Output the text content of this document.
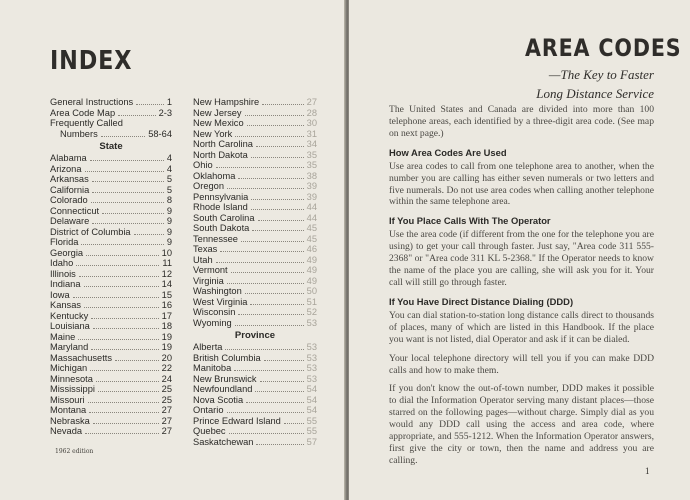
INDEX
General Instructions	1
Area Code Map	2-3
Frequently Called
Numbers	58-64
State
Alabama	4
Arizona	4
Arkansas	5
California	5
Colorado	8
Connecticut	9
Delaware	9
District of Columbia	9
Florida	9
Georgia	10
Idaho	11
Illinois	12
Indiana	14
Iowa	15
Kansas	16
Kentucky	17
Louisiana	18
Maine	19
Maryland	19
Massachusetts	20
Michigan	22
Minnesota	24
Mississippi	25
Missouri	25
Montana	27
Nebraska	27
Nevada	27
New Hampshire	27
New Jersey	28
New Mexico	30
New York	31
North Carolina	34
North Dakota	35
Ohio	35
Oklahoma	38
Oregon	39
Pennsylvania	39
Rhode Island	44
South Carolina	44
South Dakota	45
Tennessee	45
Texas	46
Utah	49
Vermont	49
Virginia	49
Washington	50
West Virginia	51
Wisconsin	52
Wyoming	53
Province
Alberta	53
British Columbia	53
Manitoba	53
New Brunswick	53
Newfoundland	54
Nova Scotia	54
Ontario	54
Prince Edward Island	55
Quebec	55
Saskatchewan	57
1962 edition
AREA CODES
—The Key to Faster
Long Distance Service

The United States and Canada are divided into more than 100 telephone areas, each identified by a three-digit area code. (See map on next page.)

How Area Codes Are Used

Use area codes to call from one telephone area to another, when the number you are calling has either seven numerals or two letters and five numerals. Do not use area codes when calling another telephone within the same telephone area.

If You Place Calls With The Operator

Use the area code (if different from the one for the telephone you are using) to get your call through faster. Just say, "Area code 311 555-2368" or "Area code 311 KL 5-2368." If the Operator needs to know the name of the place you are calling, she will ask you for it. Your call will still go through faster.

If You Have Direct Distance Dialing (DDD)

You can dial station-to-station long distance calls direct to thousands of places, many of which are listed in this Handbook. If the place you want is not listed, dial Operator and ask if it can be dialed.

Your local telephone directory will tell you if you can make DDD calls and how to make them.

If you don't know the out-of-town number, DDD makes it possible to dial the Information Operator serving many distant places—those starred on the following pages—without charge. Simply dial as you would any DDD call using the access and area code, where appropriate, and 555-1212. When the Information Operator answers, first give the city or town, then the name and address you are calling.

1
